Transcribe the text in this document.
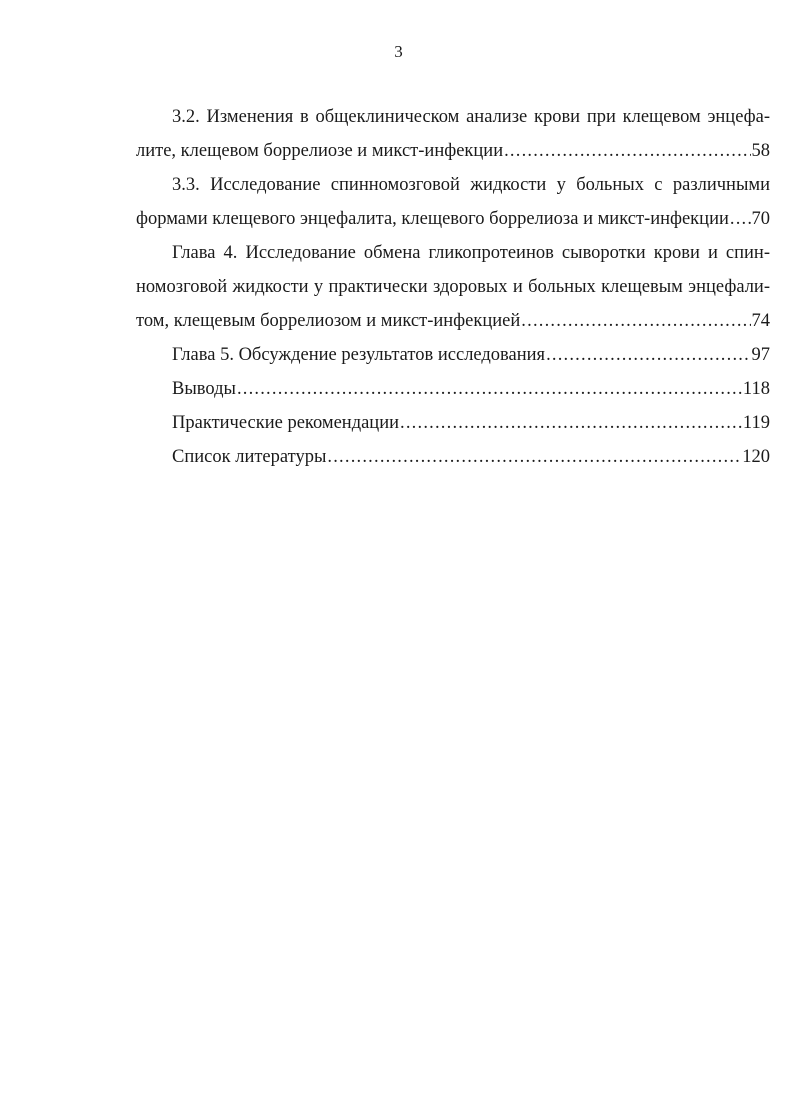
3
3.2. Изменения в общеклиническом анализе крови при клещевом энцефа-
лите, клещевом боррелиозе и микст-инфекции .....	58
3.3. Исследование спинномозговой жидкости у больных с различными
формами клещевого энцефалита, клещевого боррелиоза и микст-инфекции ..... 70
Глава 4. Исследование обмена гликопротеинов сыворотки крови и спин-
номозговой жидкости у практически здоровых и больных клещевым энцефали-
том, клещевым боррелиозом и микст-инфекцией .....	74
Глава 5. Обсуждение результатов исследования .....	97
Выводы .....	118
Практические рекомендации .....	119
Список литературы .....	120
